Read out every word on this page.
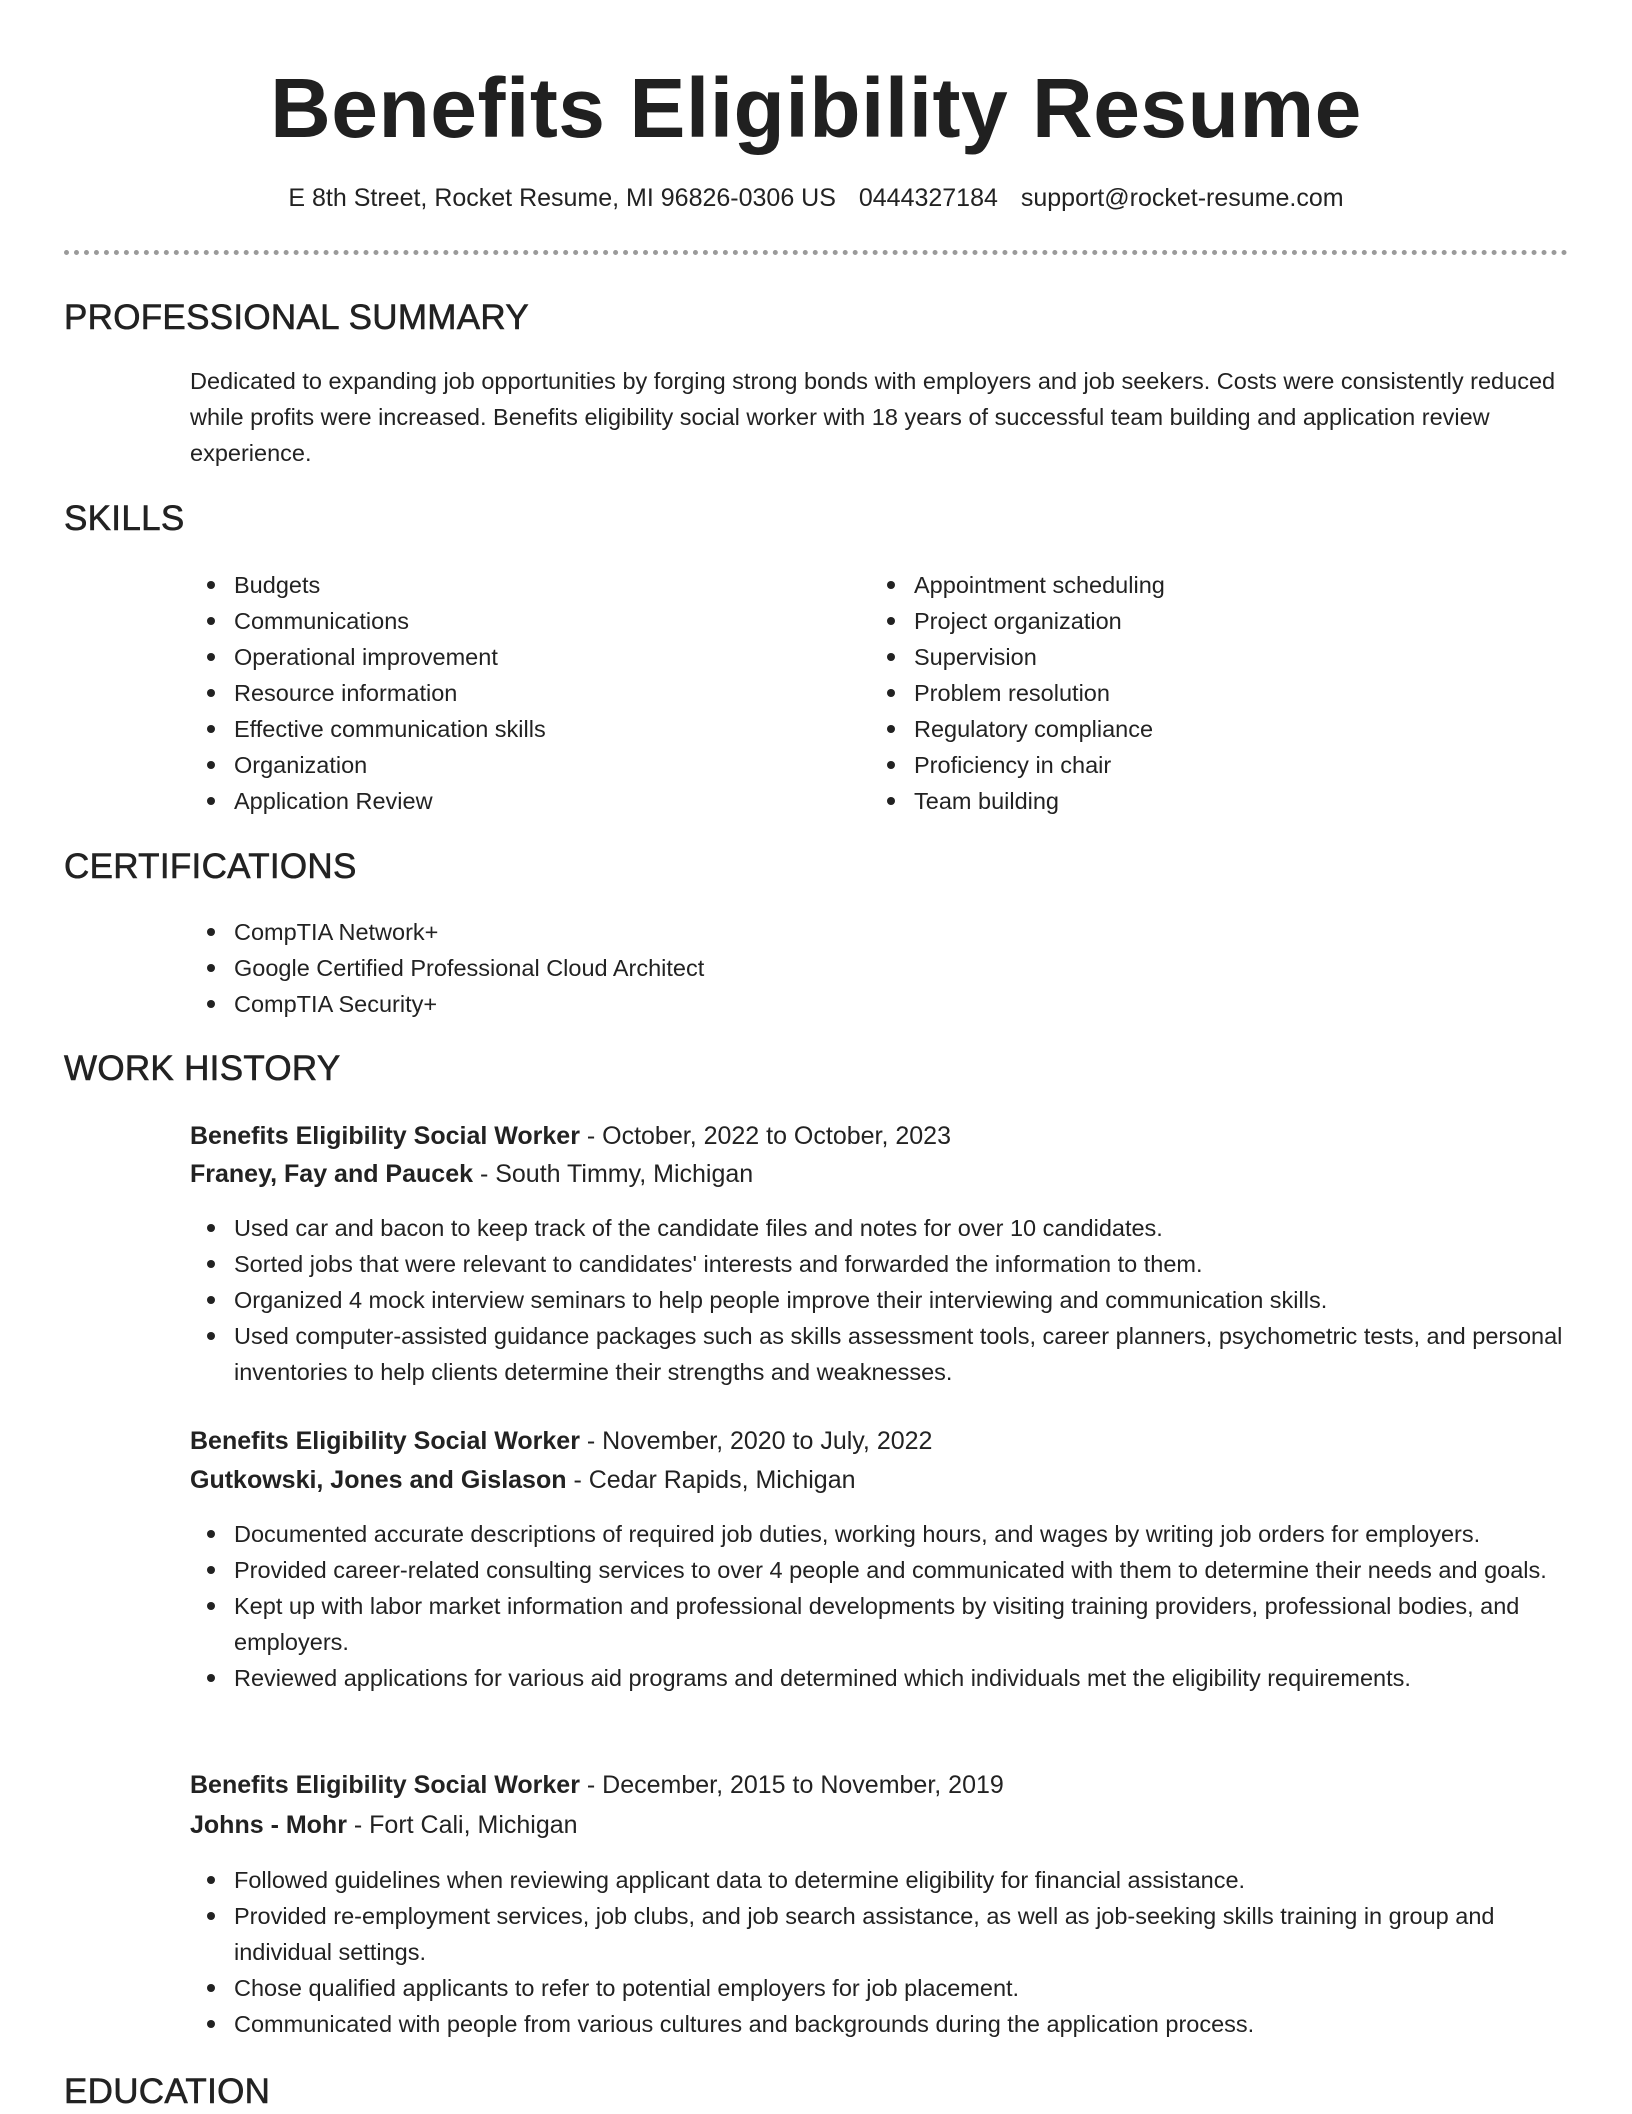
Benefits Eligibility Resume
E 8th Street, Rocket Resume, MI 96826-0306 US 0444327184 support@rocket-resume.com
PROFESSIONAL SUMMARY

Dedicated to expanding job opportunities by forging strong bonds with employers and job seekers. Costs were consistently reduced while profits were increased. Benefits eligibility social worker with 18 years of successful team building and application review experience.

SKILLS
Budgets
Communications
Operational improvement
Resource information
Effective communication skills
Organization
Application Review
Appointment scheduling
Project organization
Supervision
Problem resolution
Regulatory compliance
Proficiency in chair
Team building
CERTIFICATIONS
CompTIA Network+
Google Certified Professional Cloud Architect
CompTIA Security+
WORK HISTORY
Benefits Eligibility Social Worker - October, 2022 to October, 2023
Franey, Fay and Paucek - South Timmy, Michigan
Used car and bacon to keep track of the candidate files and notes for over 10 candidates.
Sorted jobs that were relevant to candidates' interests and forwarded the information to them.
Organized 4 mock interview seminars to help people improve their interviewing and communication skills.
Used computer-assisted guidance packages such as skills assessment tools, career planners, psychometric tests, and personal inventories to help clients determine their strengths and weaknesses.
Benefits Eligibility Social Worker - November, 2020 to July, 2022
Gutkowski, Jones and Gislason - Cedar Rapids, Michigan
Documented accurate descriptions of required job duties, working hours, and wages by writing job orders for employers.
Provided career-related consulting services to over 4 people and communicated with them to determine their needs and goals.
Kept up with labor market information and professional developments by visiting training providers, professional bodies, and employers.
Reviewed applications for various aid programs and determined which individuals met the eligibility requirements.
Benefits Eligibility Social Worker - December, 2015 to November, 2019
Johns - Mohr - Fort Cali, Michigan
Followed guidelines when reviewing applicant data to determine eligibility for financial assistance.
Provided re-employment services, job clubs, and job search assistance, as well as job-seeking skills training in group and individual settings.
Chose qualified applicants to refer to potential employers for job placement.
Communicated with people from various cultures and backgrounds during the application process.
EDUCATION
